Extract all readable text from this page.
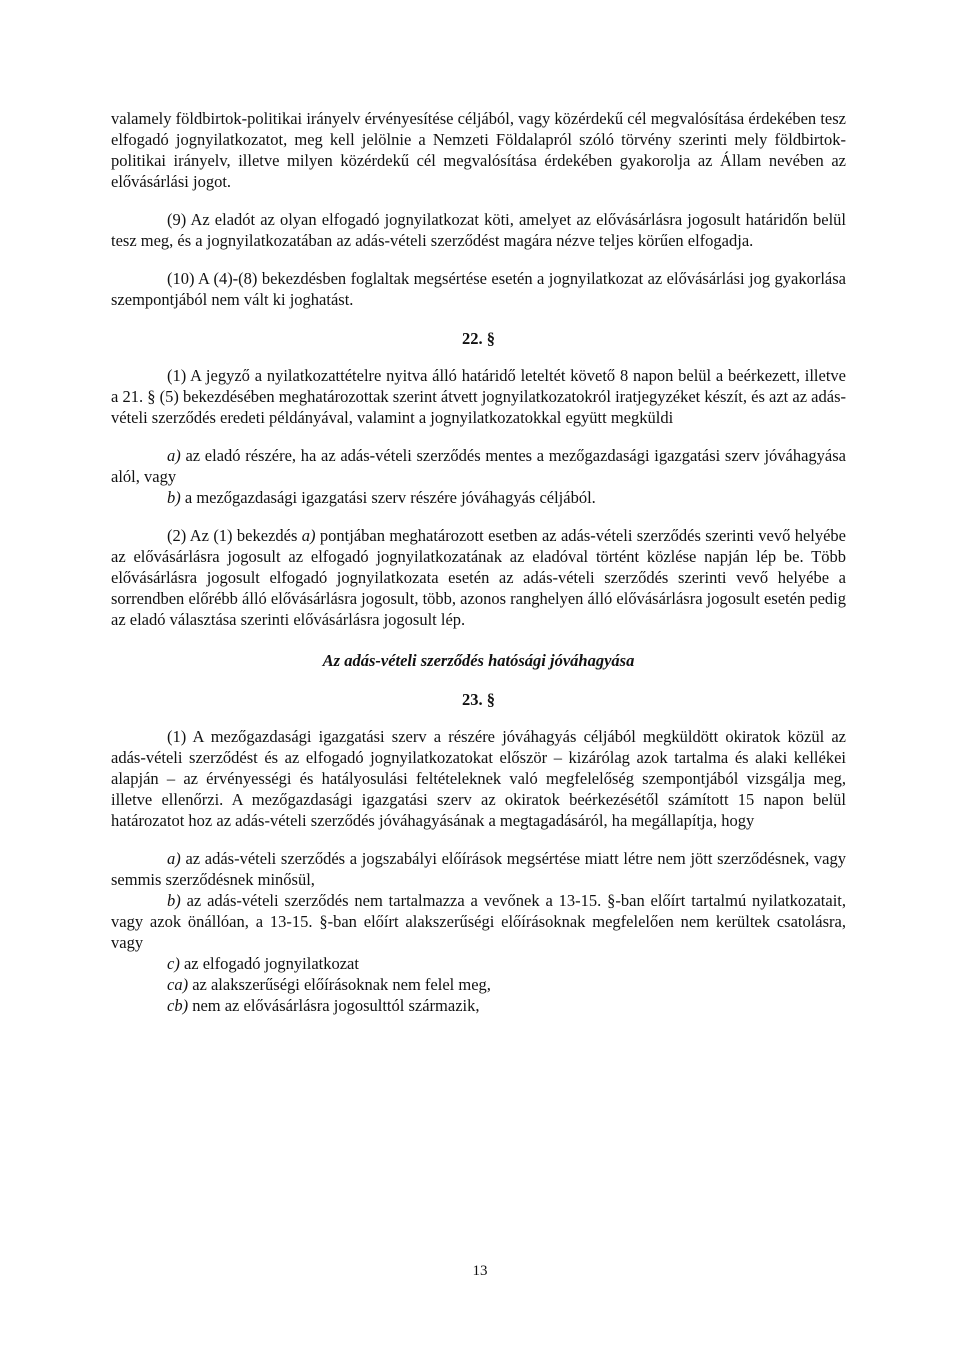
valamely földbirtok-politikai irányelv érvényesítése céljából, vagy közérdekű cél megvalósítása érdekében tesz elfogadó jognyilatkozatot, meg kell jelölnie a Nemzeti Földalapról szóló törvény szerinti mely földbirtok-politikai irányelv, illetve milyen közérdekű cél megvalósítása érdekében gyakorolja az Állam nevében az elővásárlási jogot.

(9) Az eladót az olyan elfogadó jognyilatkozat köti, amelyet az elővásárlásra jogosult határidőn belül tesz meg, és a jognyilatkozatában az adás-vételi szerződést magára nézve teljes körűen elfogadja.

(10) A (4)-(8) bekezdésben foglaltak megsértése esetén a jognyilatkozat az elővásárlási jog gyakorlása szempontjából nem vált ki joghatást.

22. §

(1) A jegyző a nyilatkozattételre nyitva álló határidő leteltét követő 8 napon belül a beérkezett, illetve a 21. § (5) bekezdésében meghatározottak szerint átvett jognyilatkozatokról iratjegyzéket készít, és azt az adás-vételi szerződés eredeti példányával, valamint a jognyilatkozatokkal együtt megküldi

a) az eladó részére, ha az adás-vételi szerződés mentes a mezőgazdasági igazgatási szerv jóváhagyása alól, vagy

b) a mezőgazdasági igazgatási szerv részére jóváhagyás céljából.

(2) Az (1) bekezdés a) pontjában meghatározott esetben az adás-vételi szerződés szerinti vevő helyébe az elővásárlásra jogosult az elfogadó jognyilatkozatának az eladóval történt közlése napján lép be. Több elővásárlásra jogosult elfogadó jognyilatkozata esetén az adás-vételi szerződés szerinti vevő helyébe a sorrendben előrébb álló elővásárlásra jogosult, több, azonos ranghelyen álló elővásárlásra jogosult esetén pedig az eladó választása szerinti elővásárlásra jogosult lép.

Az adás-vételi szerződés hatósági jóváhagyása

23. §

(1) A mezőgazdasági igazgatási szerv a részére jóváhagyás céljából megküldött okiratok közül az adás-vételi szerződést és az elfogadó jognyilatkozatokat először – kizárólag azok tartalma és alaki kellékei alapján – az érvényességi és hatályosulási feltételeknek való megfelelőség szempontjából vizsgálja meg, illetve ellenőrzi. A mezőgazdasági igazgatási szerv az okiratok beérkezésétől számított 15 napon belül határozatot hoz az adás-vételi szerződés jóváhagyásának a megtagadásáról, ha megállapítja, hogy

a) az adás-vételi szerződés a jogszabályi előírások megsértése miatt létre nem jött szerződésnek, vagy semmis szerződésnek minősül,

b) az adás-vételi szerződés nem tartalmazza a vevőnek a 13-15. §-ban előírt tartalmú nyilatkozatait, vagy azok önállóan, a 13-15. §-ban előírt alakszerűségi előírásoknak megfelelően nem kerültek csatolásra, vagy

c) az elfogadó jognyilatkozat

ca) az alakszerűségi előírásoknak nem felel meg,

cb) nem az elővásárlásra jogosulttól származik,

13
